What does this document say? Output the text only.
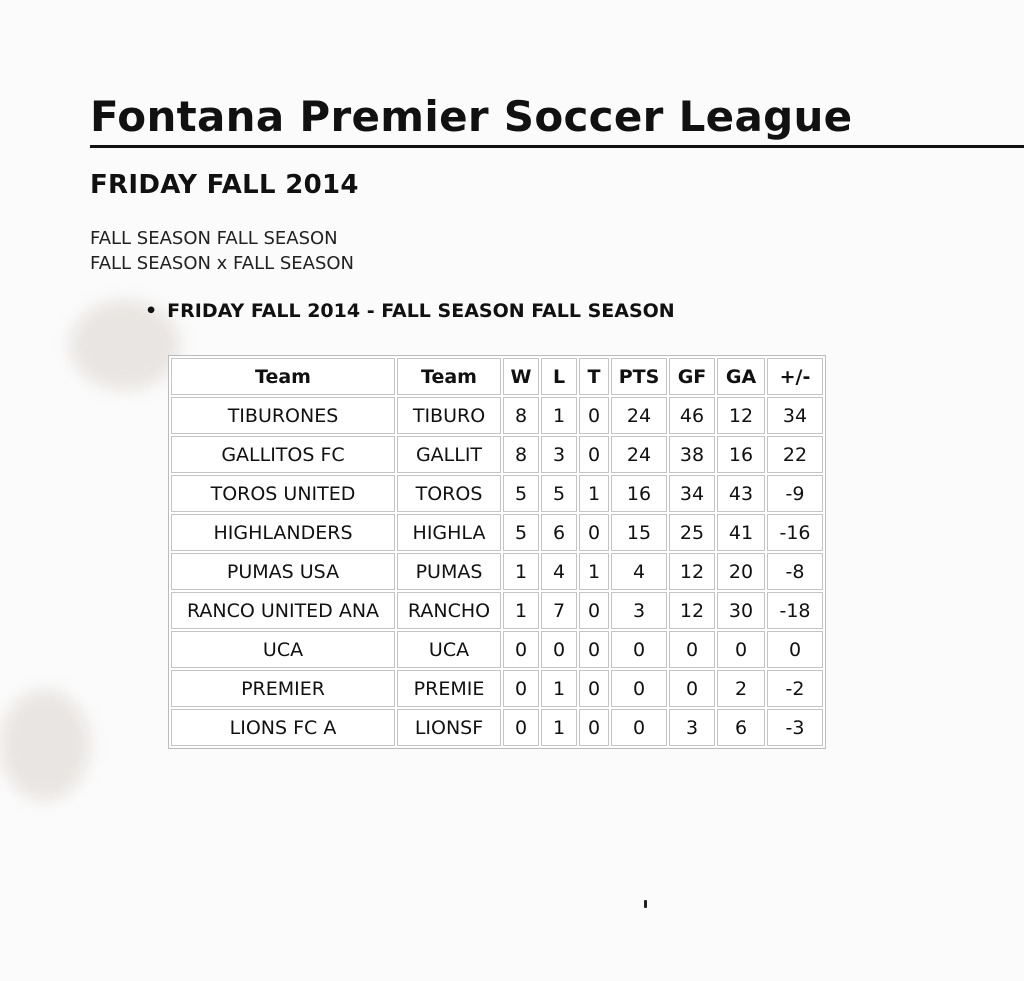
Fontana Premier Soccer League
FRIDAY FALL 2014
FALL SEASON FALL SEASON
FALL SEASON x FALL SEASON
• FRIDAY FALL 2014 - FALL SEASON FALL SEASON
Team	Team	W	L	T	PTS	GF	GA	+/-
TIBURONES	TIBURO	8	1	0	24	46	12	34
GALLITOS FC	GALLIT	8	3	0	24	38	16	22
TOROS UNITED	TOROS	5	5	1	16	34	43	-9
HIGHLANDERS	HIGHLA	5	6	0	15	25	41	-16
PUMAS USA	PUMAS	1	4	1	4	12	20	-8
RANCO UNITED ANA	RANCHO	1	7	0	3	12	30	-18
UCA	UCA	0	0	0	0	0	0	0
PREMIER	PREMIE	0	1	0	0	0	2	-2
LIONS FC A	LIONSF	0	1	0	0	3	6	-3
